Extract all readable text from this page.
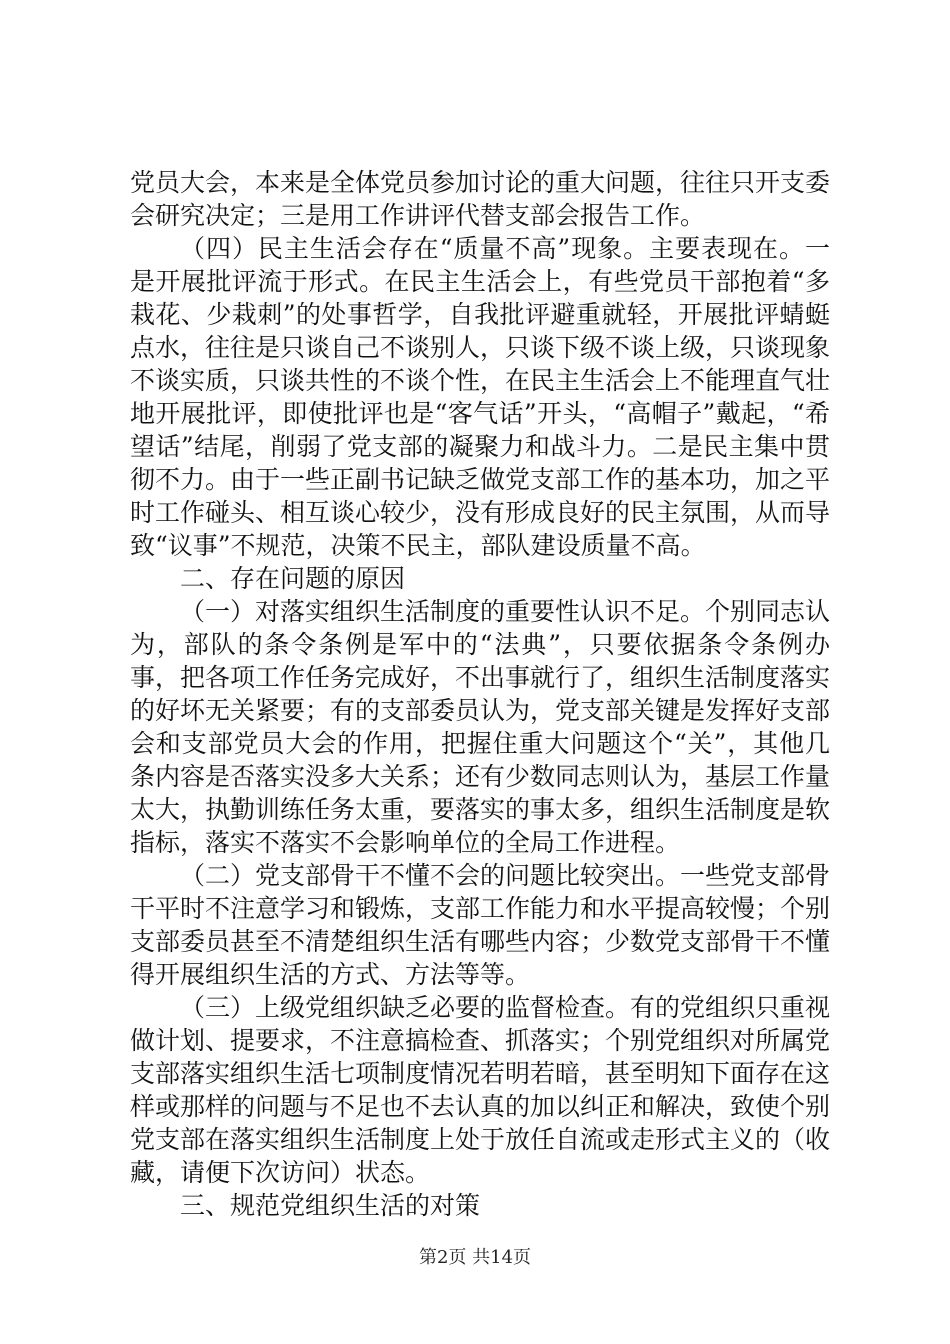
党员大会，本来是全体党员参加讨论的重大问题，往往只开支委会研究决定；三是用工作讲评代替支部会报告工作。

（四）民主生活会存在“质量不高”现象。主要表现在。一是开展批评流于形式。在民主生活会上，有些党员干部抱着“多栽花、少栽刺”的处事哲学，自我批评避重就轻，开展批评蜻蜓点水，往往是只谈自己不谈别人，只谈下级不谈上级，只谈现象不谈实质，只谈共性的不谈个性，在民主生活会上不能理直气壮地开展批评，即使批评也是“客气话”开头，“高帽子”戴起，“希望话”结尾，削弱了党支部的凝聚力和战斗力。二是民主集中贯彻不力。由于一些正副书记缺乏做党支部工作的基本功，加之平时工作碰头、相互谈心较少，没有形成良好的民主氛围，从而导致“议事”不规范，决策不民主，部队建设质量不高。

二、存在问题的原因

（一）对落实组织生活制度的重要性认识不足。个别同志认为，部队的条令条例是军中的“法典”，只要依据条令条例办事，把各项工作任务完成好，不出事就行了，组织生活制度落实的好坏无关紧要；有的支部委员认为，党支部关键是发挥好支部会和支部党员大会的作用，把握住重大问题这个“关”，其他几条内容是否落实没多大关系；还有少数同志则认为，基层工作量太大，执勤训练任务太重，要落实的事太多，组织生活制度是软指标，落实不落实不会影响单位的全局工作进程。

（二）党支部骨干不懂不会的问题比较突出。一些党支部骨干平时不注意学习和锻炼，支部工作能力和水平提高较慢；个别支部委员甚至不清楚组织生活有哪些内容；少数党支部骨干不懂得开展组织生活的方式、方法等等。

（三）上级党组织缺乏必要的监督检查。有的党组织只重视做计划、提要求，不注意搞检查、抓落实；个别党组织对所属党支部落实组织生活七项制度情况若明若暗，甚至明知下面存在这样或那样的问题与不足也不去认真的加以纠正和解决，致使个别党支部在落实组织生活制度上处于放任自流或走形式主义的（收藏，请便下次访问）状态。

三、规范党组织生活的对策

第2页 共14页
